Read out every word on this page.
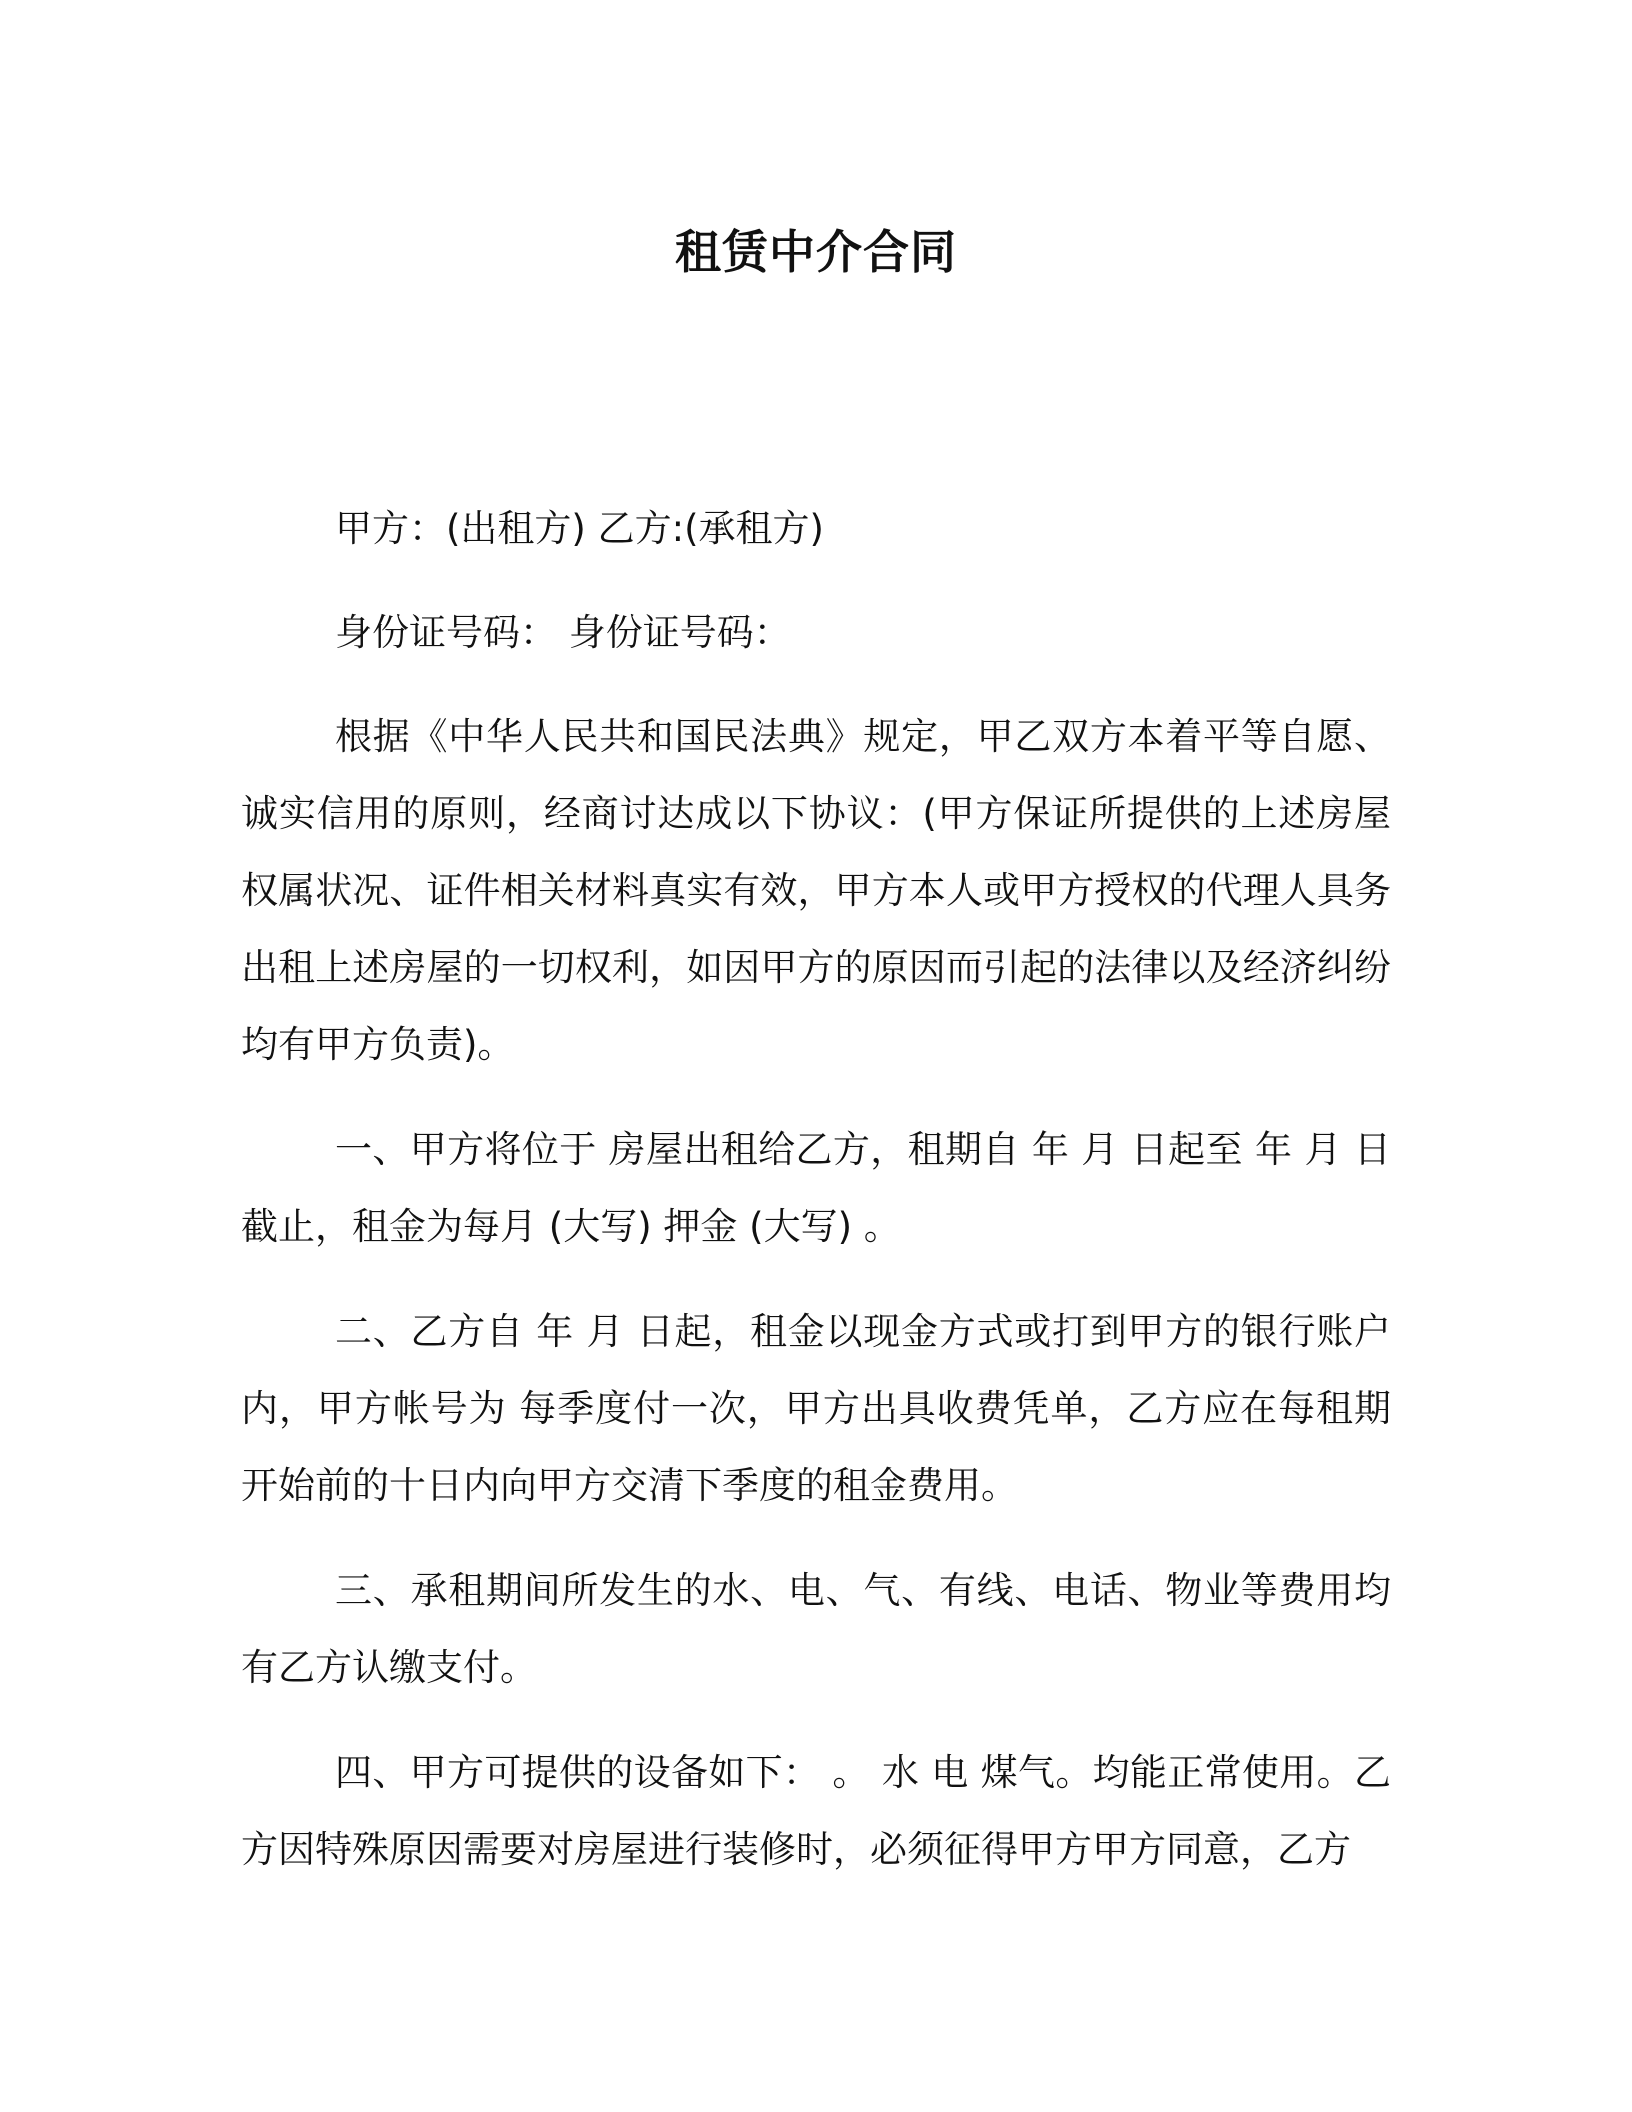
租赁中介合同

甲方：(出租方) 乙方:(承租方)

身份证号码： 身份证号码：

根据《中华人民共和国民法典》规定，甲乙双方本着平等自愿、诚实信用的原则，经商讨达成以下协议：(甲方保证所提供的上述房屋权属状况、证件相关材料真实有效，甲方本人或甲方授权的代理人具务出租上述房屋的一切权利，如因甲方的原因而引起的法律以及经济纠纷均有甲方负责)。

一、甲方将位于 房屋出租给乙方，租期自 年 月 日起至 年 月 日截止，租金为每月 (大写) 押金 (大写) 。

二、乙方自 年 月 日起，租金以现金方式或打到甲方的银行账户内，甲方帐号为 每季度付一次，甲方出具收费凭单，乙方应在每租期开始前的十日内向甲方交清下季度的租金费用。

三、承租期间所发生的水、电、气、有线、电话、物业等费用均有乙方认缴支付。

四、甲方可提供的设备如下： 。 水 电 煤气。均能正常使用。乙方因特殊原因需要对房屋进行装修时，必须征得甲方甲方同意，乙方
